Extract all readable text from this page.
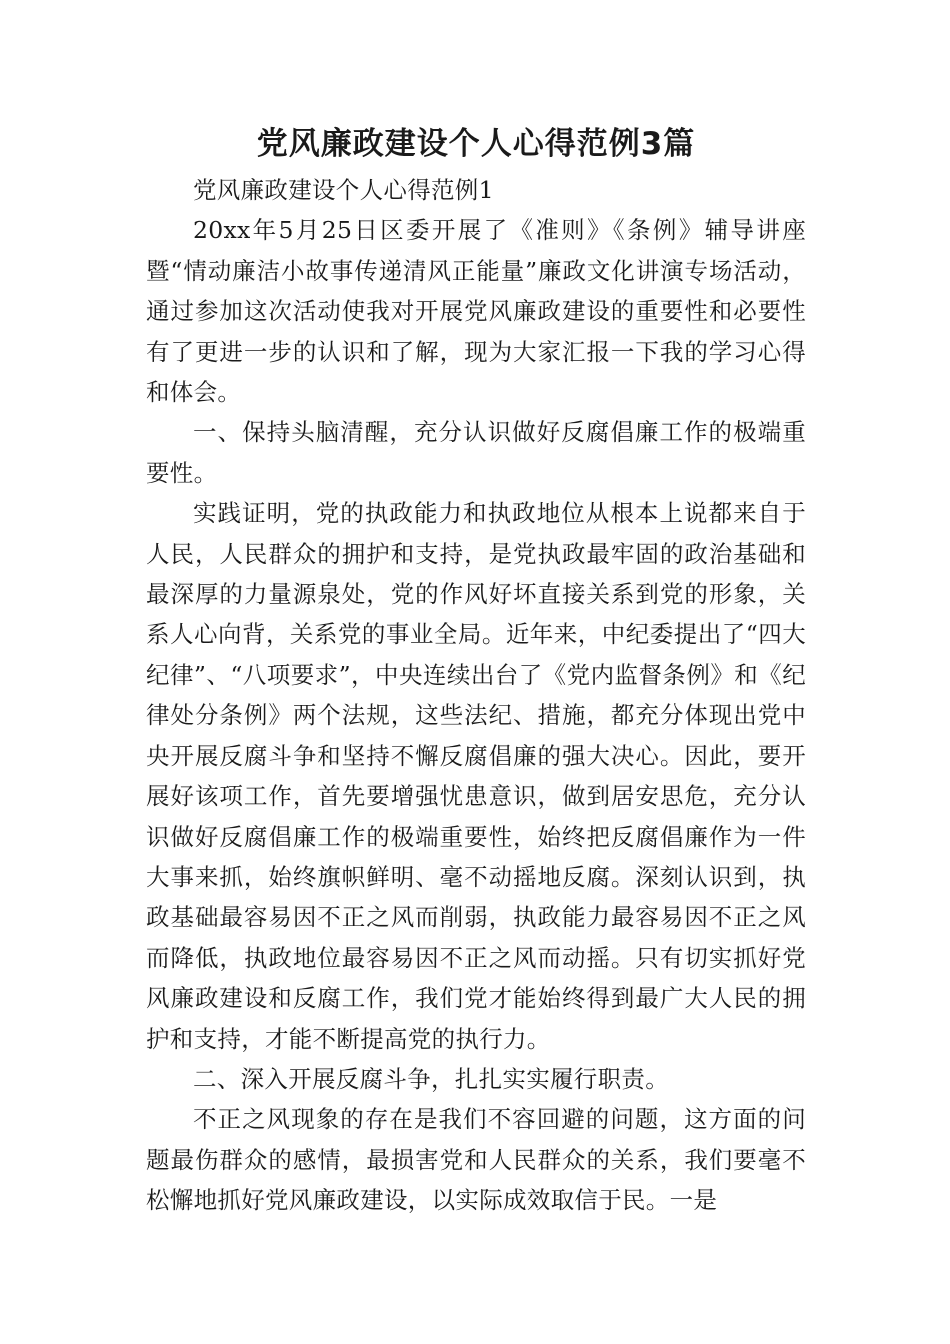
党风廉政建设个人心得范例3篇

党风廉政建设个人心得范例1

20xx年5月25日区委开展了《准则》《条例》辅导讲座暨“情动廉洁小故事传递清风正能量”廉政文化讲演专场活动，通过参加这次活动使我对开展党风廉政建设的重要性和必要性有了更进一步的认识和了解，现为大家汇报一下我的学习心得和体会。

一、保持头脑清醒，充分认识做好反腐倡廉工作的极端重要性。

实践证明，党的执政能力和执政地位从根本上说都来自于人民，人民群众的拥护和支持，是党执政最牢固的政治基础和最深厚的力量源泉处，党的作风好坏直接关系到党的形象，关系人心向背，关系党的事业全局。近年来，中纪委提出了“四大纪律”、“八项要求”，中央连续出台了《党内监督条例》和《纪律处分条例》两个法规，这些法纪、措施，都充分体现出党中央开展反腐斗争和坚持不懈反腐倡廉的强大决心。因此，要开展好该项工作，首先要增强忧患意识，做到居安思危，充分认识做好反腐倡廉工作的极端重要性，始终把反腐倡廉作为一件大事来抓，始终旗帜鲜明、毫不动摇地反腐。深刻认识到，执政基础最容易因不正之风而削弱，执政能力最容易因不正之风而降低，执政地位最容易因不正之风而动摇。只有切实抓好党风廉政建设和反腐工作，我们党才能始终得到最广大人民的拥护和支持，才能不断提高党的执行力。

二、深入开展反腐斗争，扎扎实实履行职责。

不正之风现象的存在是我们不容回避的问题，这方面的问题最伤群众的感情，最损害党和人民群众的关系，我们要毫不松懈地抓好党风廉政建设，以实际成效取信于民。一是
